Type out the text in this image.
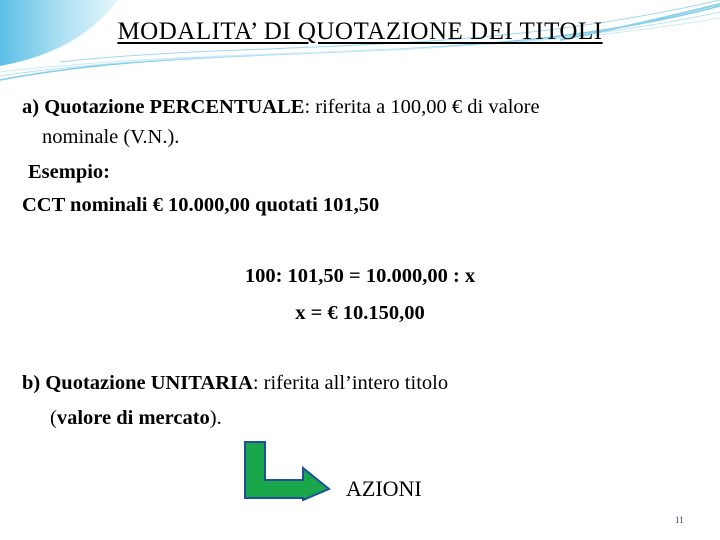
MODALITA’ DI QUOTAZIONE DEI TITOLI
a) Quotazione PERCENTUALE: riferita a 100,00 € di valore
nominale (V.N.).
Esempio:
CCT nominali € 10.000,00 quotati 101,50
100: 101,50 = 10.000,00 : x
x = € 10.150,00
b) Quotazione UNITARIA: riferita all’intero titolo
(valore di mercato).
AZIONI
11
